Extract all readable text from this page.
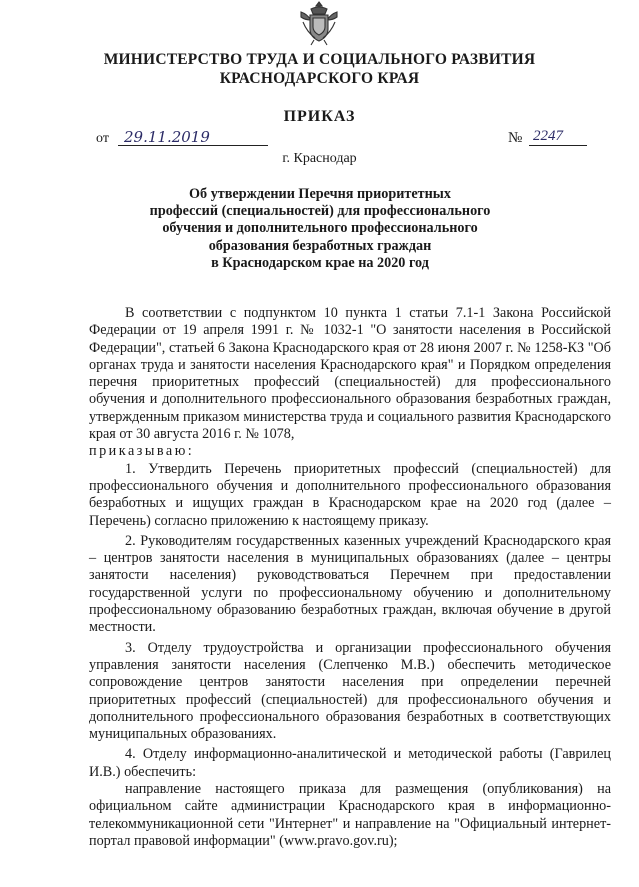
МИНИСТЕРСТВО ТРУДА И СОЦИАЛЬНОГО РАЗВИТИЯ
КРАСНОДАРСКОГО КРАЯ
ПРИКАЗ
от	29.11.2019	№ 2247
г. Краснодар
Об утверждении Перечня приоритетных
профессий (специальностей) для профессионального
обучения и дополнительного профессионального
образования безработных граждан
в Краснодарском крае на 2020 год

В соответствии с подпунктом 10 пункта 1 статьи 7.1-1 Закона Российской Федерации от 19 апреля 1991 г. № 1032-1 "О занятости населения в Российской Федерации", статьей 6 Закона Краснодарского края от 28 июня 2007 г. № 1258-КЗ "Об органах труда и занятости населения Краснодарского края" и Порядком определения перечня приоритетных профессий (специальностей) для профессионального обучения и дополнительного профессионального образования безработных граждан, утвержденным приказом министерства труда и социального развития Краснодарского края от 30 августа 2016 г. № 1078,

приказываю:

1. Утвердить Перечень приоритетных профессий (специальностей) для профессионального обучения и дополнительного профессионального образования безработных и ищущих граждан в Краснодарском крае на 2020 год (далее – Перечень) согласно приложению к настоящему приказу.

2. Руководителям государственных казенных учреждений Краснодарского края – центров занятости населения в муниципальных образованиях (далее – центры занятости населения) руководствоваться Перечнем при предоставлении государственной услуги по профессиональному обучению и дополнительному профессиональному образованию безработных граждан, включая обучение в другой местности.

3. Отделу трудоустройства и организации профессионального обучения управления занятости населения (Слепченко М.В.) обеспечить методическое сопровождение центров занятости населения при определении перечней приоритетных профессий (специальностей) для профессионального обучения и дополнительного профессионального образования безработных в соответствующих муниципальных образованиях.

4. Отделу информационно-аналитической и методической работы (Гаврилец И.В.) обеспечить:

направление настоящего приказа для размещения (опубликования) на официальном сайте администрации Краснодарского края в информационно-телекоммуникационной сети "Интернет" и направление на "Официальный интернет-портал правовой информации" (www.pravo.gov.ru);
